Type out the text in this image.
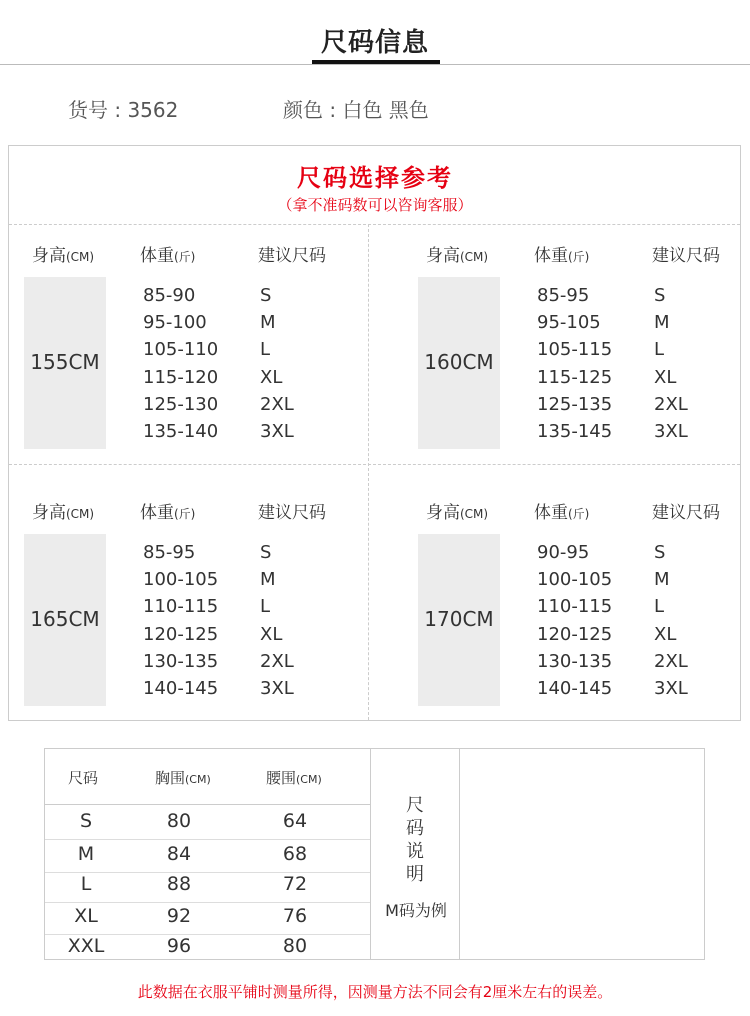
尺码信息
货号 : 3562	颜色 : 白色 黑色
尺码选择参考
（拿不准码数可以咨询客服）
身高(CM)	体重(斤)	建议尺码
155CM
85-90	S
95-100	M
105-110 L
115-120 XL
125-130 2XL
135-140 3XL
身高(CM)	体重(斤)	建议尺码
160CM
85-95	S
95-105	M
105-115 L
115-125 XL
125-135 2XL
135-145 3XL
身高(CM)	体重(斤)	建议尺码
165CM
85-95	S
100-105 M
110-115 L
120-125 XL
130-135 2XL
140-145 3XL
身高(CM)	体重(斤)	建议尺码
170CM
90-95	S
100-105 M
110-115 L
120-125 XL
130-135 2XL
140-145 3XL
尺码	胸围(CM)	腰围(CM)
S	80	64
M	84	68
L	88	72
XL	92	76
XXL	96	80
尺
码
说
明
M码为例
此数据在衣服平铺时测量所得，因测量方法不同会有2厘米左右的误差。
